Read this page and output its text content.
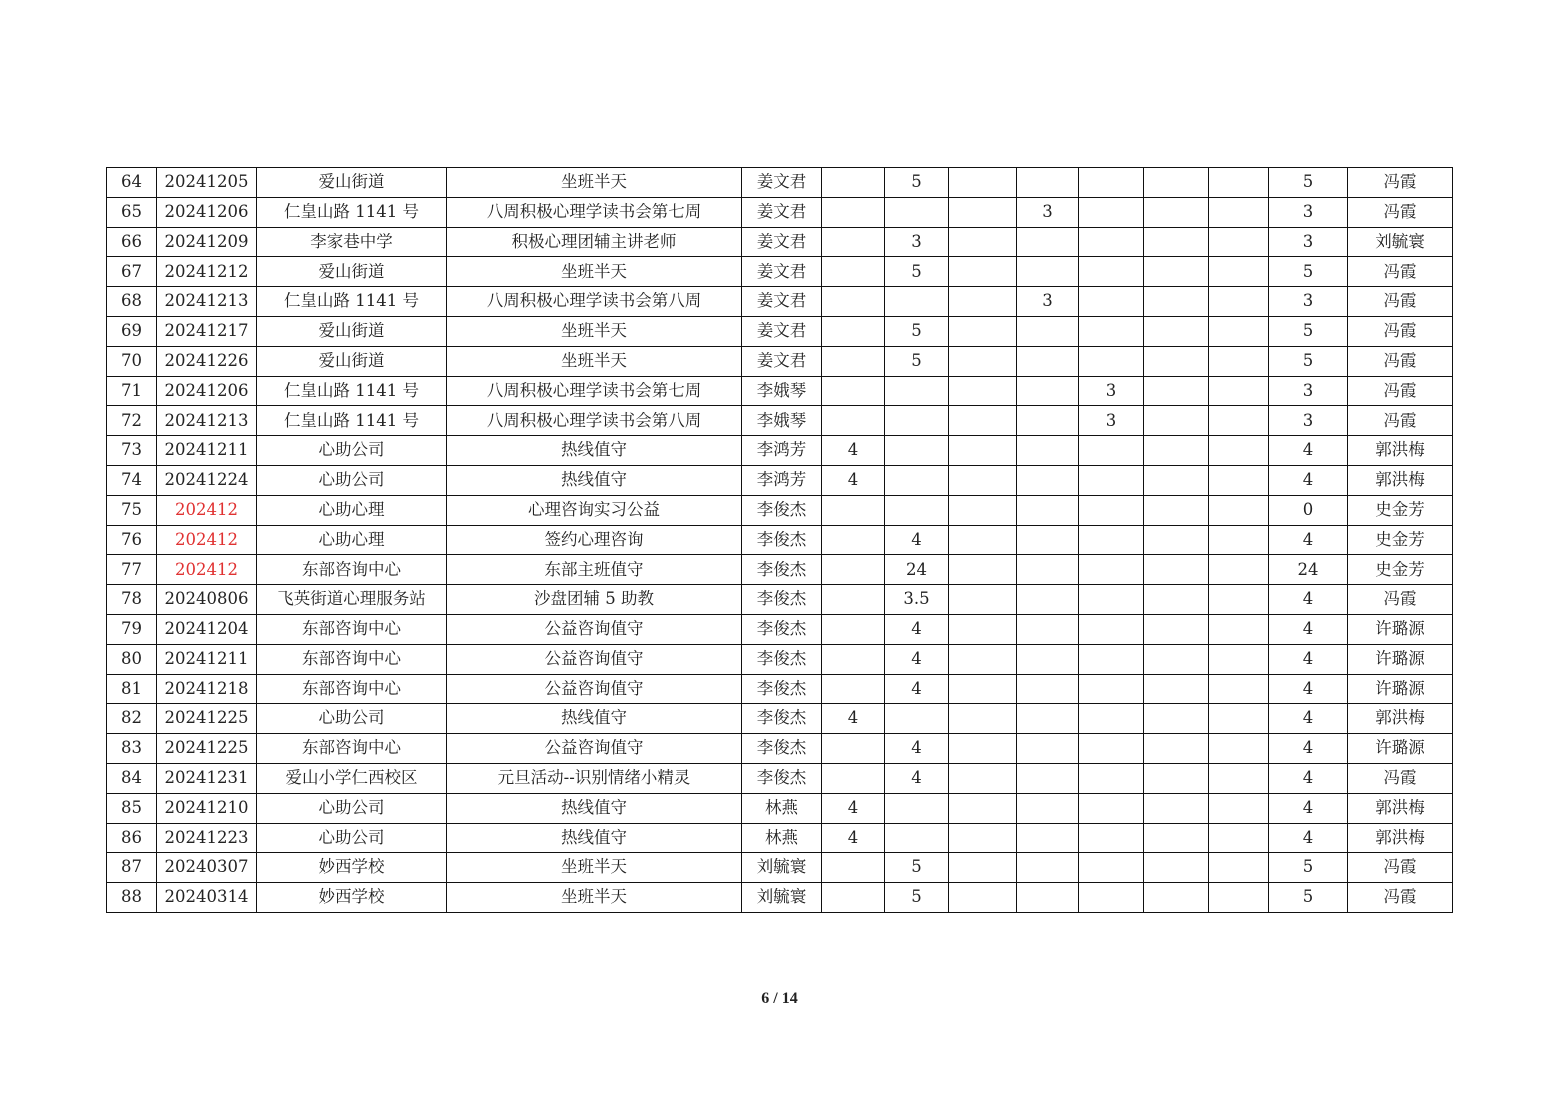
64	20241205	爱山街道	坐班半天	姜文君		5						5	冯霞
65	20241206	仁皇山路 1141 号	八周积极心理学读书会第七周	姜文君				3				3	冯霞
66	20241209	李家巷中学	积极心理团辅主讲老师	姜文君		3						3	刘毓寰
67	20241212	爱山街道	坐班半天	姜文君		5						5	冯霞
68	20241213	仁皇山路 1141 号	八周积极心理学读书会第八周	姜文君				3				3	冯霞
69	20241217	爱山街道	坐班半天	姜文君		5						5	冯霞
70	20241226	爱山街道	坐班半天	姜文君		5						5	冯霞
71	20241206	仁皇山路 1141 号	八周积极心理学读书会第七周	李娥琴					3			3	冯霞
72	20241213	仁皇山路 1141 号	八周积极心理学读书会第八周	李娥琴					3			3	冯霞
73	20241211	心助公司	热线值守	李鸿芳	4							4	郭洪梅
74	20241224	心助公司	热线值守	李鸿芳	4							4	郭洪梅
75	202412	心助心理	心理咨询实习公益	李俊杰								0	史金芳
76	202412	心助心理	签约心理咨询	李俊杰		4						4	史金芳
77	202412	东部咨询中心	东部主班值守	李俊杰		24						24	史金芳
78	20240806	飞英街道心理服务站	沙盘团辅 5 助教	李俊杰		3.5						4	冯霞
79	20241204	东部咨询中心	公益咨询值守	李俊杰		4						4	许璐源
80	20241211	东部咨询中心	公益咨询值守	李俊杰		4						4	许璐源
81	20241218	东部咨询中心	公益咨询值守	李俊杰		4						4	许璐源
82	20241225	心助公司	热线值守	李俊杰	4							4	郭洪梅
83	20241225	东部咨询中心	公益咨询值守	李俊杰		4						4	许璐源
84	20241231	爱山小学仁西校区	元旦活动--识别情绪小精灵	李俊杰		4						4	冯霞
85	20241210	心助公司	热线值守	林燕	4							4	郭洪梅
86	20241223	心助公司	热线值守	林燕	4							4	郭洪梅
87	20240307	妙西学校	坐班半天	刘毓寰		5						5	冯霞
88	20240314	妙西学校	坐班半天	刘毓寰		5						5	冯霞
6 / 14
